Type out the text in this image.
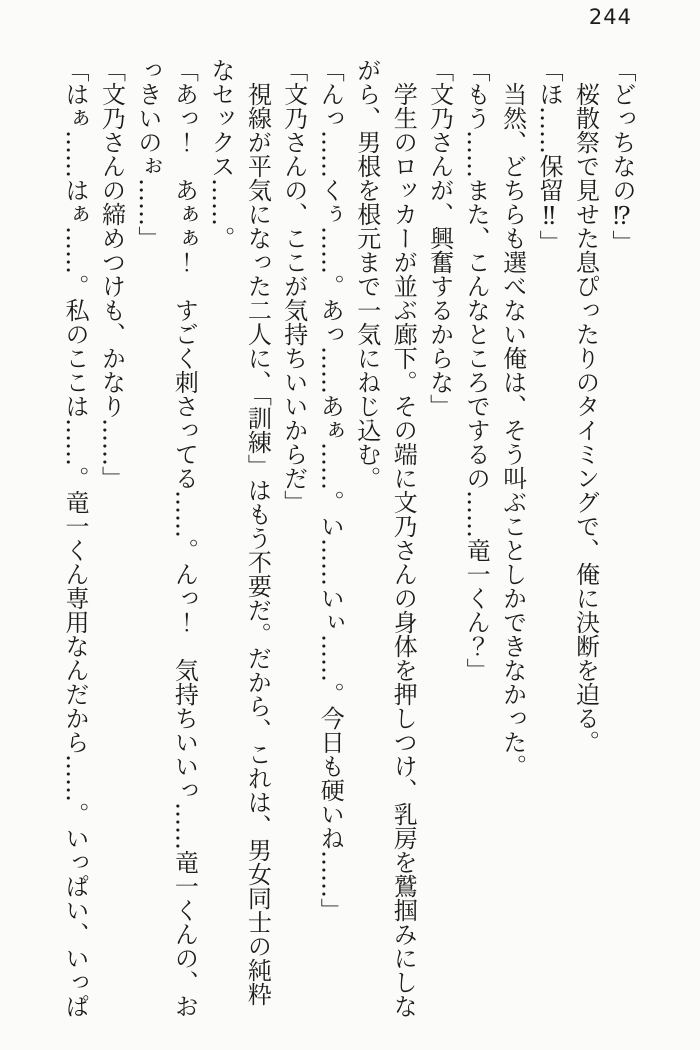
244

「どっちなの⁉」

桜散祭で見せた息ぴったりのタイミングで、俺に決断を迫る。

「ほ……保留‼」

当然、どちらも選べない俺は、そう叫ぶことしかできなかった。

「もう……また、こんなところでするの……竜一くん？」

「文乃さんが、興奮するからな」

学生のロッカーが並ぶ廊下。その端に文乃さんの身体を押しつけ、乳房を鷲掴みにしながら、男根を根元まで一気にねじ込む。

「んっ……くぅ……。あっ……あぁ……。い……いぃ……。今日も硬いね……」

「文乃さんの、ここが気持ちいいからだ」

視線が平気になった二人に、「訓練」はもう不要だ。だから、これは、男女同士の純粋なセックス……。

「あっ！　あぁぁ！　すごく刺さってる……。んっ！　気持ちいいっ……竜一くんの、おっきいのぉ……」

「文乃さんの締めつけも、かなり……」

「はぁ……はぁ……。私のここは……。竜一くん専用なんだから……。いっぱい、いっぱ
